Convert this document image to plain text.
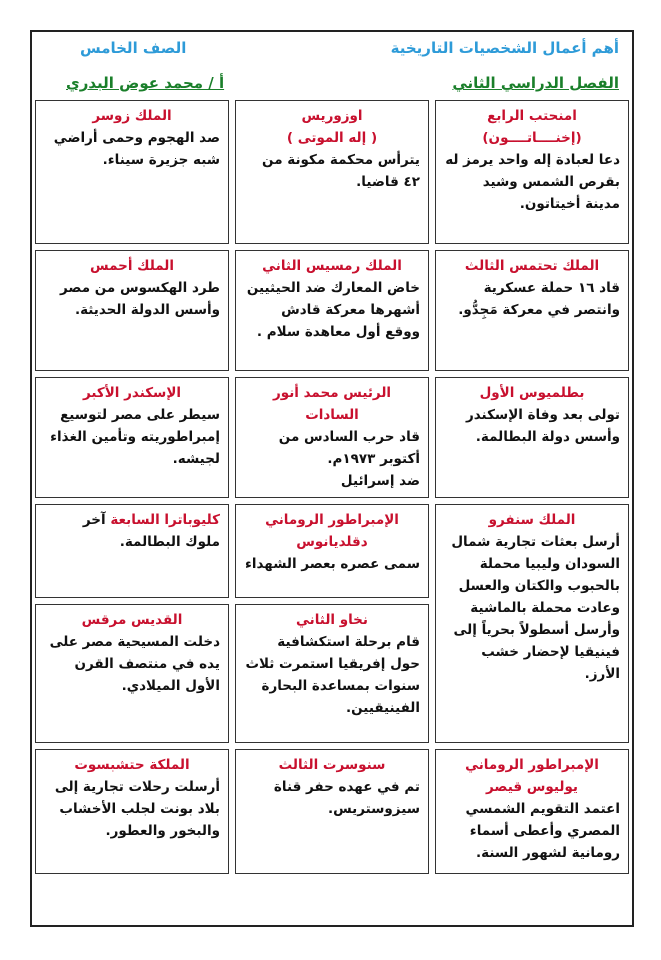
أهم أعمال الشخصيات التاريخية
الصف الخامس
الفصل الدراسي الثاني
أ / محمد عوض البدري
امنحتب الرابع
(إخنــــاتــــون)
دعا لعبادة إله واحد يرمز له بقرص الشمس وشيد مدينة أخيتاتون.
اوزوريس
( إله الموتى )
يترأس محكمة مكونة من ٤٢ قاضيا.
الملك زوسر
صد الهجوم وحمى أراضي شبه جزيرة سيناء.
الملك تحتمس الثالث
قاد ١٦ حملة عسكرية وانتصر في معركة مَجِدُّو.
الملك رمسيس الثاني
خاض المعارك ضد الحيثيين أشهرها معركة قادش ووقع أول معاهدة سلام .
الملك أحمس
طرد الهكسوس من مصر وأسس الدولة الحديثة.
بطلميوس الأول
تولى بعد وفاة الإسكندر وأسس دولة البطالمة.
الرئيس محمد أنور السادات
قاد حرب السادس من أكتوبر ١٩٧٣م.
ضد إسرائيل
الإسكندر الأكبر
سيطر على مصر لتوسيع إمبراطوريته وتأمين الغذاء لجيشه.
كليوباترا السابعة آخر ملوك البطالمة.
الإمبراطور الروماني دقلديانوس
سمى عصره بعصر الشهداء
الملك سنفرو
أرسل بعثات تجارية شمال السودان وليبيا محملة بالحبوب والكتان والعسل وعادت محملة بالماشية وأرسل أسطولاً بحرياً إلى فينيقيا لإحضار خشب الأرز.
القديس مرقس
دخلت المسيحية مصر على يده في منتصف القرن الأول الميلادي.
نخاو الثاني
قام برحلة استكشافية حول إفريقيا استمرت ثلاث سنوات بمساعدة البحارة الفينيقيين.
الملكة حتشبسوت
أرسلت رحلات تجارية إلى بلاد بونت لجلب الأخشاب والبخور والعطور.
سنوسرت الثالث
تم في عهده حفر قناة سيزوستريس.
الإمبراطور الروماني يوليوس قيصر
اعتمد التقويم الشمسي المصري وأعطى أسماء رومانية لشهور السنة.
